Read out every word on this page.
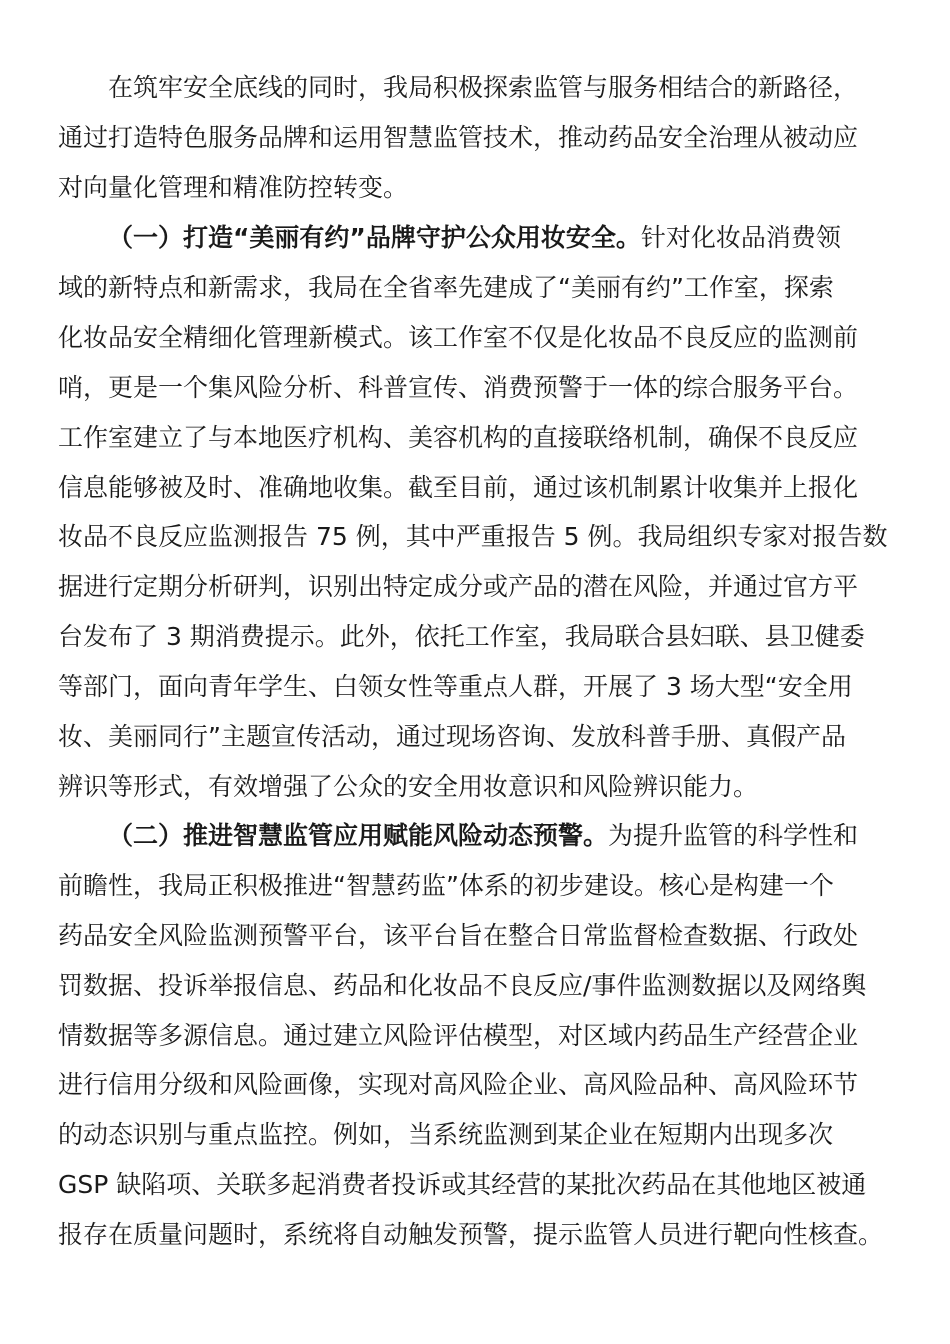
在筑牢安全底线的同时，我局积极探索监管与服务相结合的新路径，
通过打造特色服务品牌和运用智慧监管技术，推动药品安全治理从被动应
对向量化管理和精准防控转变。
（一）打造“美丽有约”品牌守护公众用妆安全。针对化妆品消费领
域的新特点和新需求，我局在全省率先建成了“美丽有约”工作室，探索
化妆品安全精细化管理新模式。该工作室不仅是化妆品不良反应的监测前
哨，更是一个集风险分析、科普宣传、消费预警于一体的综合服务平台。
工作室建立了与本地医疗机构、美容机构的直接联络机制，确保不良反应
信息能够被及时、准确地收集。截至目前，通过该机制累计收集并上报化
妆品不良反应监测报告 75 例，其中严重报告 5 例。我局组织专家对报告数
据进行定期分析研判，识别出特定成分或产品的潜在风险，并通过官方平
台发布了 3 期消费提示。此外，依托工作室，我局联合县妇联、县卫健委
等部门，面向青年学生、白领女性等重点人群，开展了 3 场大型“安全用
妆、美丽同行”主题宣传活动，通过现场咨询、发放科普手册、真假产品
辨识等形式，有效增强了公众的安全用妆意识和风险辨识能力。
（二）推进智慧监管应用赋能风险动态预警。为提升监管的科学性和
前瞻性，我局正积极推进“智慧药监”体系的初步建设。核心是构建一个
药品安全风险监测预警平台，该平台旨在整合日常监督检查数据、行政处
罚数据、投诉举报信息、药品和化妆品不良反应/事件监测数据以及网络舆
情数据等多源信息。通过建立风险评估模型，对区域内药品生产经营企业
进行信用分级和风险画像，实现对高风险企业、高风险品种、高风险环节
的动态识别与重点监控。例如，当系统监测到某企业在短期内出现多次
GSP 缺陷项、关联多起消费者投诉或其经营的某批次药品在其他地区被通
报存在质量问题时，系统将自动触发预警，提示监管人员进行靶向性核查。
